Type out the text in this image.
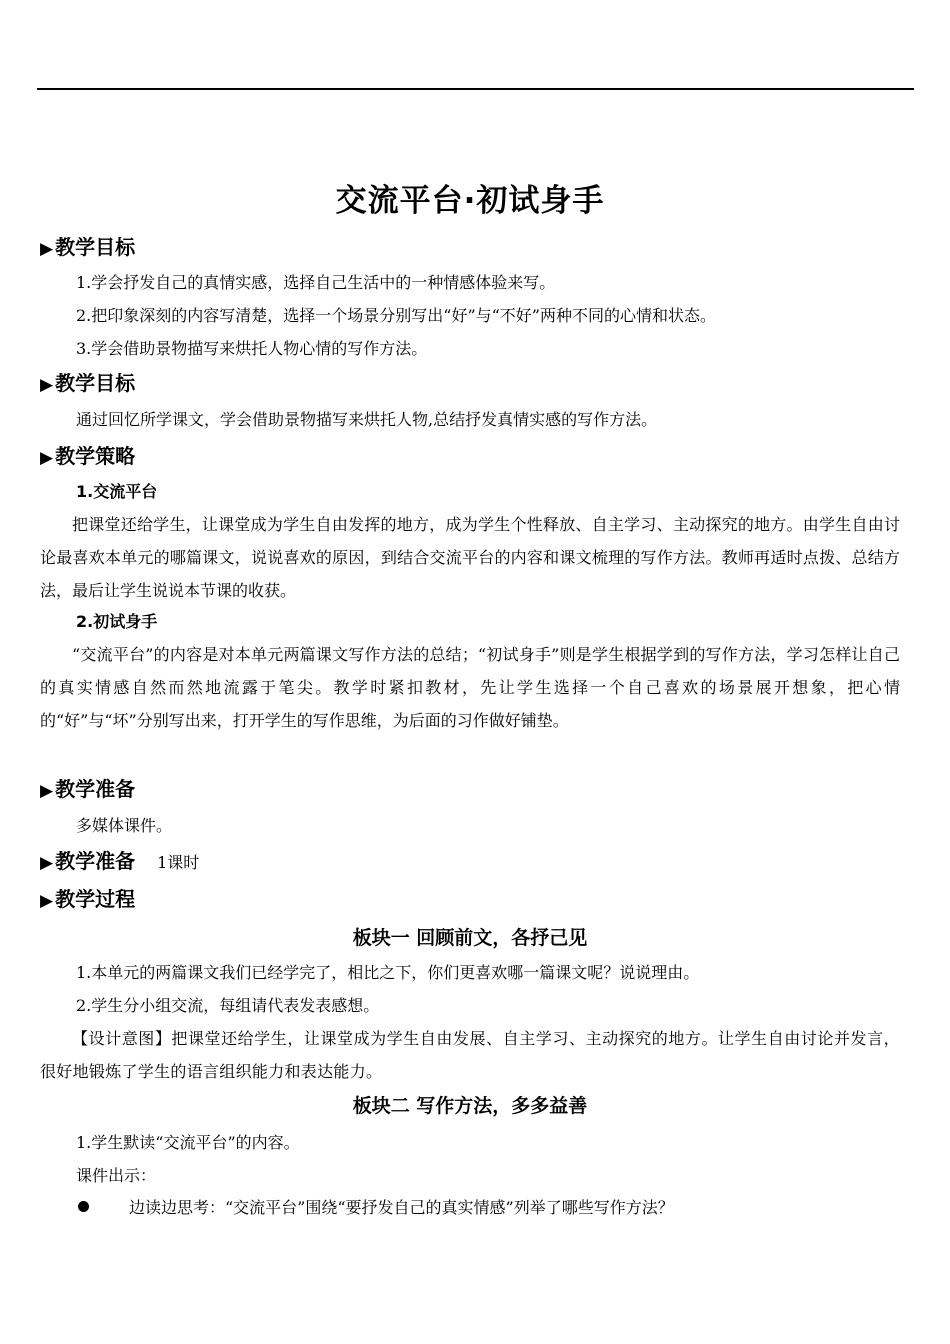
交流平台·初试身手
▶ 教学目标
1.学会抒发自己的真情实感，选择自己生活中的一种情感体验来写。
2.把印象深刻的内容写清楚，选择一个场景分别写出“好”与“不好”两种不同的心情和状态。
3.学会借助景物描写来烘托人物心情的写作方法。
▶ 教学目标
通过回忆所学课文，学会借助景物描写来烘托人物,总结抒发真情实感的写作方法。
▶ 教学策略
1.交流平台
把课堂还给学生，让课堂成为学生自由发挥的地方，成为学生个性释放、自主学习、主动探究的地方。由学生自由讨论最喜欢本单元的哪篇课文，说说喜欢的原因，到结合交流平台的内容和课文梳理的写作方法。教师再适时点拨、总结方法，最后让学生说说本节课的收获。
2.初试身手
“交流平台”的内容是对本单元两篇课文写作方法的总结；“初试身手”则是学生根据学到的写作方法，学习怎样让自己的真实情感自然而然地流露于笔尖。教学时紧扣教材，先让学生选择一个自己喜欢的场景展开想象，把心情的“好”与“坏”分别写出来，打开学生的写作思维，为后面的习作做好铺垫。
▶ 教学准备
多媒体课件。
▶ 教学准备 1课时
▶ 教学过程
板块一 回顾前文，各抒己见
1.本单元的两篇课文我们已经学完了，相比之下，你们更喜欢哪一篇课文呢？说说理由。
2.学生分小组交流，每组请代表发表感想。
【设计意图】把课堂还给学生，让课堂成为学生自由发展、自主学习、主动探究的地方。让学生自由讨论并发言，很好地锻炼了学生的语言组织能力和表达能力。
板块二 写作方法，多多益善
1.学生默读“交流平台”的内容。
课件出示：
边读边思考：“交流平台”围绕“要抒发自己的真实情感”列举了哪些写作方法？
